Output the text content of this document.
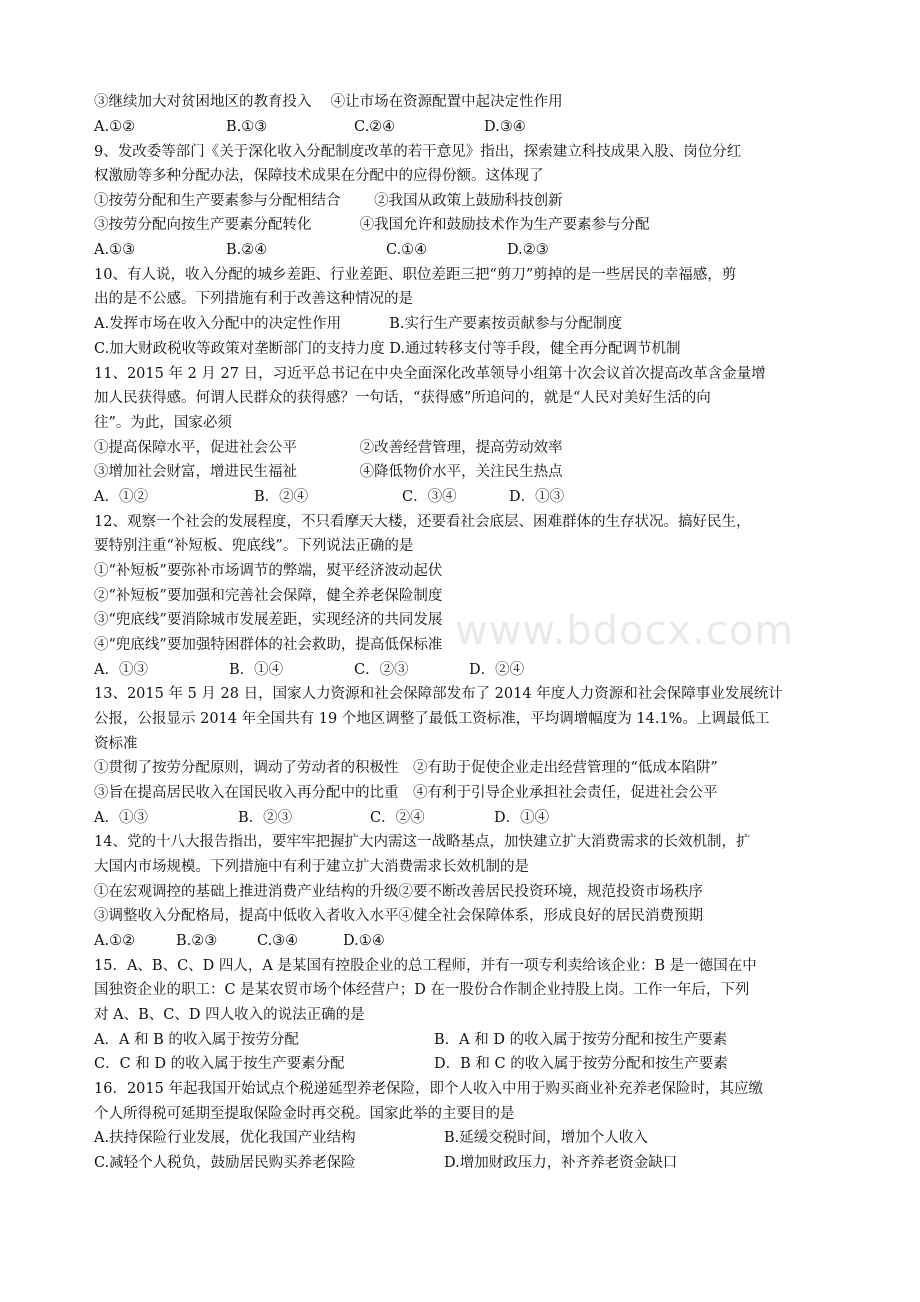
www.bdocx.com
③继续加大对贫困地区的教育投入　 ④让市场在资源配置中起决定性作用
A.①②	B.①③	C.②④	D.③④
9、发改委等部门《关于深化收入分配制度改革的若干意见》指出，探索建立科技成果入股、岗位分红
权激励等多种分配办法，保障技术成果在分配中的应得份额。这体现了
①按劳分配和生产要素参与分配相结合　　 ②我国从政策上鼓励科技创新
③按劳分配向按生产要素分配转化　　　 ④我国允许和鼓励技术作为生产要素参与分配
A.①③	B.②④	C.①④	D.②③
10、有人说，收入分配的城乡差距、行业差距、职位差距三把“剪刀”剪掉的是一些居民的幸福感，剪
出的是不公感。下列措施有利于改善这种情况的是
A.发挥市场在收入分配中的决定性作用　　　 B.实行生产要素按贡献参与分配制度
C.加大财政税收等政策对垄断部门的支持力度 D.通过转移支付等手段，健全再分配调节机制
11、2015 年 2 月 27 日，习近平总书记在中央全面深化改革领导小组第十次会议首次提高改革含金量增
加人民获得感。何谓人民群众的获得感？一句话，“获得感”所追问的，就是“人民对美好生活的向
往”。为此，国家必须
①提高保障水平，促进社会公平　　　　 ②改善经营管理，提高劳动效率
③增加社会财富，增进民生福祉　　　　 ④降低物价水平，关注民生热点
A．①②	B．②④	C．③④	D．①③
12、观察一个社会的发展程度，不只看摩天大楼，还要看社会底层、困难群体的生存状况。搞好民生，
要特别注重“补短板、兜底线”。下列说法正确的是
①“补短板”要弥补市场调节的弊端，熨平经济波动起伏
②“补短板”要加强和完善社会保障，健全养老保险制度
③“兜底线”要消除城市发展差距，实现经济的共同发展
④“兜底线”要加强特困群体的社会救助，提高低保标准
A．①③	B．①④	C．②③	D．②④
13、2015 年 5 月 28 日，国家人力资源和社会保障部发布了 2014 年度人力资源和社会保障事业发展统计
公报，公报显示 2014 年全国共有 19 个地区调整了最低工资标准，平均调增幅度为 14.1%。上调最低工
资标准
①贯彻了按劳分配原则，调动了劳动者的积极性　②有助于促使企业走出经营管理的“低成本陷阱”
③旨在提高居民收入在国民收入再分配中的比重　④有利于引导企业承担社会责任，促进社会公平
A．①③	B．②③	C．②④	D．①④
14、党的十八大报告指出，要牢牢把握扩大内需这一战略基点，加快建立扩大消费需求的长效机制，扩
大国内市场规模。下列措施中有利于建立扩大消费需求长效机制的是
①在宏观调控的基础上推进消费产业结构的升级②要不断改善居民投资环境，规范投资市场秩序
③调整收入分配格局，提高中低收入者收入水平④健全社会保障体系，形成良好的居民消费预期
A.①②	B.②③	C.③④	D.①④
15．A、B、C、D 四人，A 是某国有控股企业的总工程师，并有一项专利卖给该企业：B 是一德国在中
国独资企业的职工：C 是某农贸市场个体经营户；D 在一股份合作制企业持股上岗。工作一年后，下列
对 A、B、C、D 四人收入的说法正确的是
A．A 和 B 的收入属于按劳分配	B．A 和 D 的收入属于按劳分配和按生产要素
C．C 和 D 的收入属于按生产要素分配	D．B 和 C 的收入属于按劳分配和按生产要素
16．2015 年起我国开始试点个税递延型养老保险，即个人收入中用于购买商业补充养老保险时，其应缴
个人所得税可延期至提取保险金时再交税。国家此举的主要目的是
A.扶持保险行业发展，优化我国产业结构	B.延缓交税时间，增加个人收入
C.减轻个人税负，鼓励居民购买养老保险	D.增加财政压力，补齐养老资金缺口
